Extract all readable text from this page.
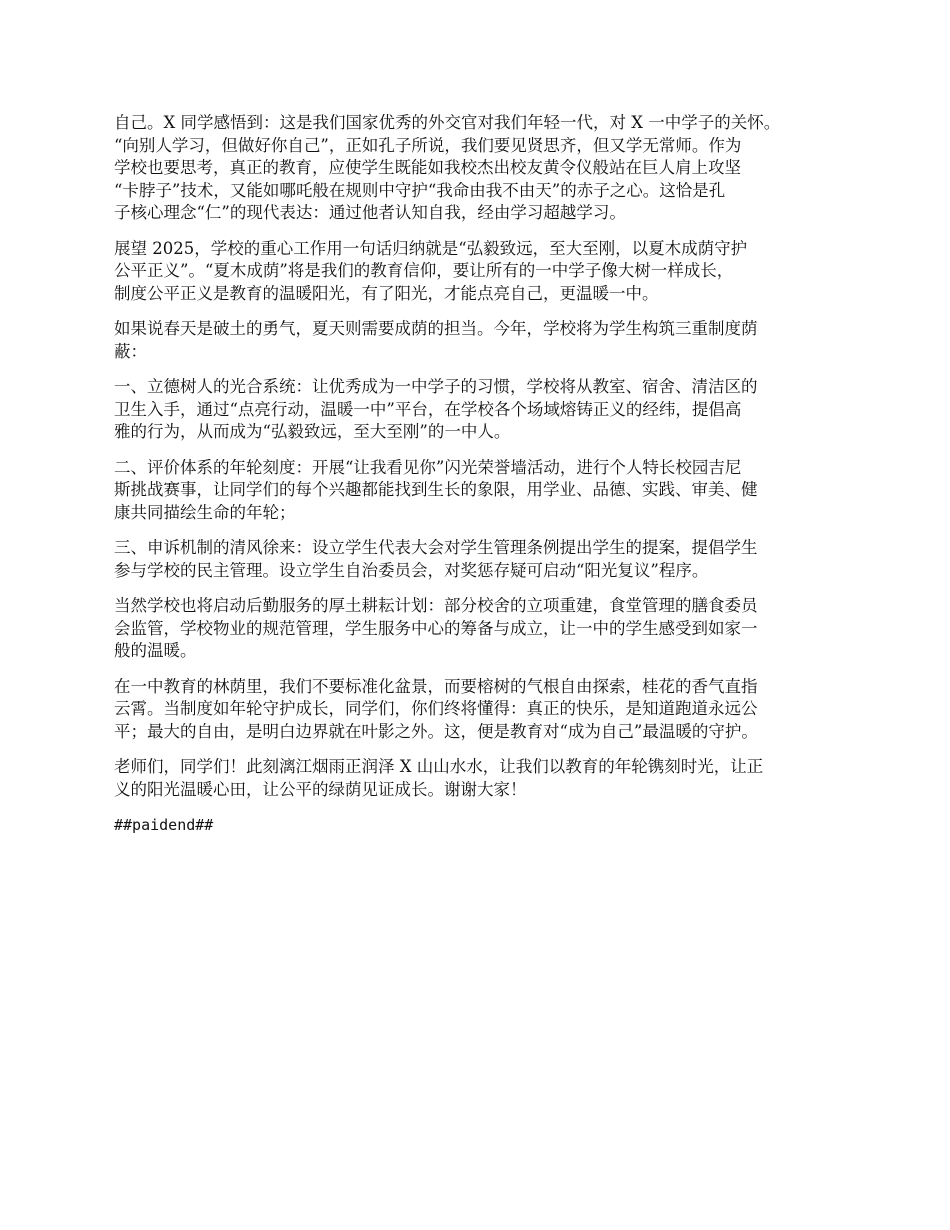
自己。X 同学感悟到：这是我们国家优秀的外交官对我们年轻一代，对 X 一中学子的关怀。
“向别人学习，但做好你自己”，正如孔子所说，我们要见贤思齐，但又学无常师。作为
学校也要思考，真正的教育，应使学生既能如我校杰出校友黄令仪般站在巨人肩上攻坚
“卡脖子”技术，又能如哪吒般在规则中守护“我命由我不由天”的赤子之心。这恰是孔
子核心理念“仁”的现代表达：通过他者认知自我，经由学习超越学习。

展望 2025，学校的重心工作用一句话归纳就是“弘毅致远，至大至刚，以夏木成荫守护
公平正义”。“夏木成荫”将是我们的教育信仰，要让所有的一中学子像大树一样成长，
制度公平正义是教育的温暖阳光，有了阳光，才能点亮自己，更温暖一中。

如果说春天是破土的勇气，夏天则需要成荫的担当。今年，学校将为学生构筑三重制度荫
蔽：

一、立德树人的光合系统：让优秀成为一中学子的习惯，学校将从教室、宿舍、清洁区的
卫生入手，通过“点亮行动，温暖一中”平台，在学校各个场域熔铸正义的经纬，提倡高
雅的行为，从而成为“弘毅致远，至大至刚”的一中人。

二、评价体系的年轮刻度：开展“让我看见你”闪光荣誉墙活动，进行个人特长校园吉尼
斯挑战赛事，让同学们的每个兴趣都能找到生长的象限，用学业、品德、实践、审美、健
康共同描绘生命的年轮；

三、申诉机制的清风徐来：设立学生代表大会对学生管理条例提出学生的提案，提倡学生
参与学校的民主管理。设立学生自治委员会，对奖惩存疑可启动“阳光复议”程序。

当然学校也将启动后勤服务的厚土耕耘计划：部分校舍的立项重建，食堂管理的膳食委员
会监管，学校物业的规范管理，学生服务中心的筹备与成立，让一中的学生感受到如家一
般的温暖。

在一中教育的林荫里，我们不要标准化盆景，而要榕树的气根自由探索，桂花的香气直指
云霄。当制度如年轮守护成长，同学们，你们终将懂得：真正的快乐，是知道跑道永远公
平；最大的自由，是明白边界就在叶影之外。这，便是教育对“成为自己”最温暖的守护。

老师们，同学们！此刻漓江烟雨正润泽 X 山山水水，让我们以教育的年轮镌刻时光，让正
义的阳光温暖心田，让公平的绿荫见证成长。谢谢大家！

##paidend##
